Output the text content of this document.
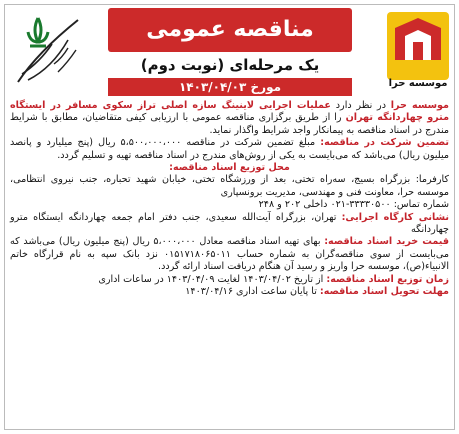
موسسه حرا
مناقصه عمومی
یک مرحله‌ای (نوبت دوم)
مورخ ۱۴۰۳/۰۴/۰۳

موسسه حرا در نظر دارد عملیات اجرایی لاینینگ سازه اصلی تراز سکوی مسافر در ایستگاه مترو چهاردانگه تهران را از طریق برگزاری مناقصه عمومی با ارزیابی کیفی متقاضیان، مطابق با شرایط مندرج در اسناد مناقصه به پیمانکار واجد شرایط واگذار نماید.

تضمین شرکت در مناقصه: مبلغ تضمین شرکت در مناقصه ۵،۵۰۰،۰۰۰،۰۰۰ ریال (پنج میلیارد و پانصد میلیون ریال) می‌باشد که می‌بایست به یکی از روش‌های مندرج در اسناد مناقصه تهیه و تسلیم گردد.

محل توزیع اسناد مناقصه:
کارفرما: بزرگراه بسیج، سه‌راه تختی، بعد از ورزشگاه تختی، خیابان شهید تحباره، جنب نیروی انتظامی، موسسه حرا، معاونت فنی و مهندسی، مدیریت برونسپاری

شماره تماس: ۳۳۳۳۰۵۰۰-۰۲۱ داخلی ۲۰۲ و ۲۴۸

نشانی کارگاه اجرایی: تهران، بزرگراه آیت‌الله سعیدی، جنب دفتر امام جمعه چهاردانگه ایستگاه مترو چهاردانگه

قیمت خرید اسناد مناقصه: بهای تهیه اسناد مناقصه معادل ۵،۰۰۰،۰۰۰ ریال (پنج میلیون ریال) می‌باشد که می‌بایست از سوی مناقصه‌گران به شماره حساب ۰۱۵۱۷۱۸۰۶۵۰۱۱ نزد بانک سپه به نام قرارگاه خاتم الانبیاء(ص)، موسسه حرا واریز و رسید آن هنگام دریافت اسناد ارائه گردد.

زمان توزیع اسناد مناقصه: از تاریخ ۱۴۰۳/۰۴/۰۲ لغایت ۱۴۰۳/۰۴/۰۹ در ساعات اداری

مهلت تحویل اسناد مناقصه: تا پایان ساعت اداری ۱۴۰۳/۰۴/۱۶
